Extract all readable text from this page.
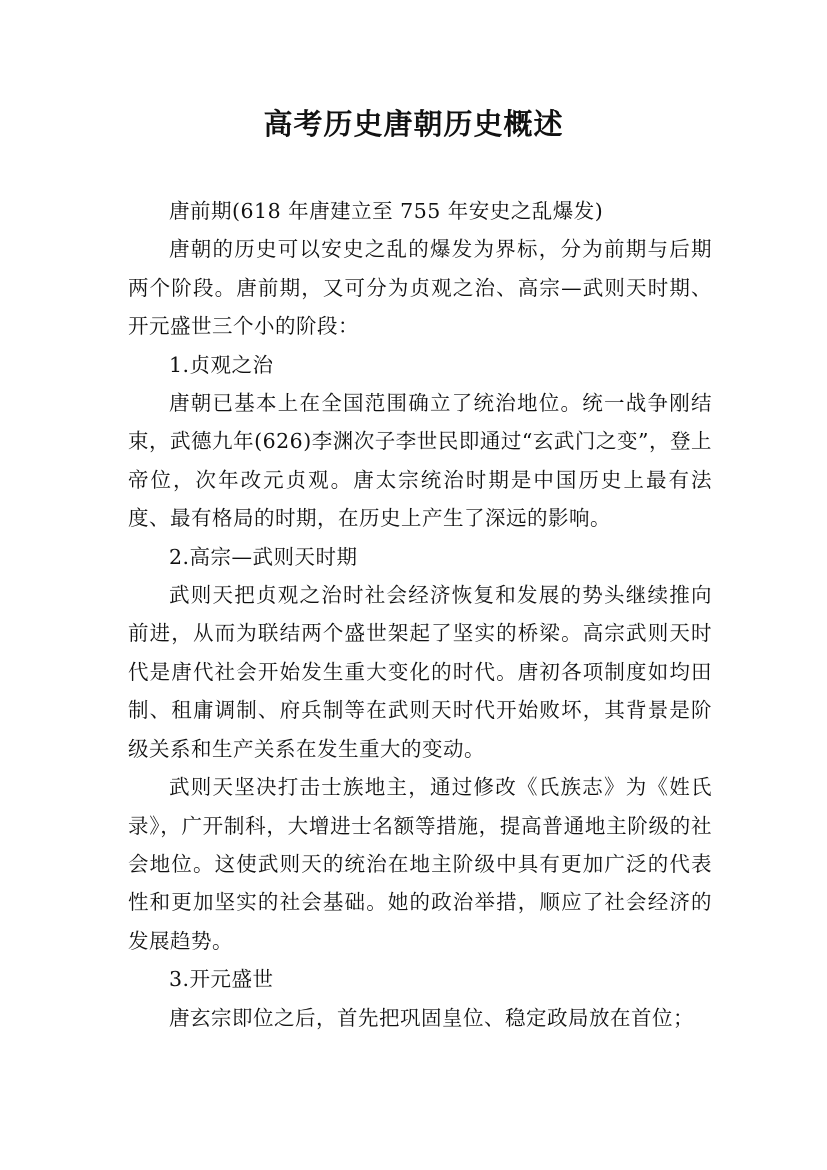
高考历史唐朝历史概述

唐前期(618 年唐建立至 755 年安史之乱爆发)

唐朝的历史可以安史之乱的爆发为界标，分为前期与后期两个阶段。唐前期，又可分为贞观之治、高宗—武则天时期、开元盛世三个小的阶段：

1.贞观之治

唐朝已基本上在全国范围确立了统治地位。统一战争刚结束，武德九年(626)李渊次子李世民即通过“玄武门之变”，登上帝位，次年改元贞观。唐太宗统治时期是中国历史上最有法度、最有格局的时期，在历史上产生了深远的影响。

2.高宗—武则天时期

武则天把贞观之治时社会经济恢复和发展的势头继续推向前进，从而为联结两个盛世架起了坚实的桥梁。高宗武则天时代是唐代社会开始发生重大变化的时代。唐初各项制度如均田制、租庸调制、府兵制等在武则天时代开始败坏，其背景是阶级关系和生产关系在发生重大的变动。

武则天坚决打击士族地主，通过修改《氏族志》为《姓氏录》，广开制科，大增进士名额等措施，提高普通地主阶级的社会地位。这使武则天的统治在地主阶级中具有更加广泛的代表性和更加坚实的社会基础。她的政治举措，顺应了社会经济的发展趋势。

3.开元盛世

唐玄宗即位之后，首先把巩固皇位、稳定政局放在首位；
